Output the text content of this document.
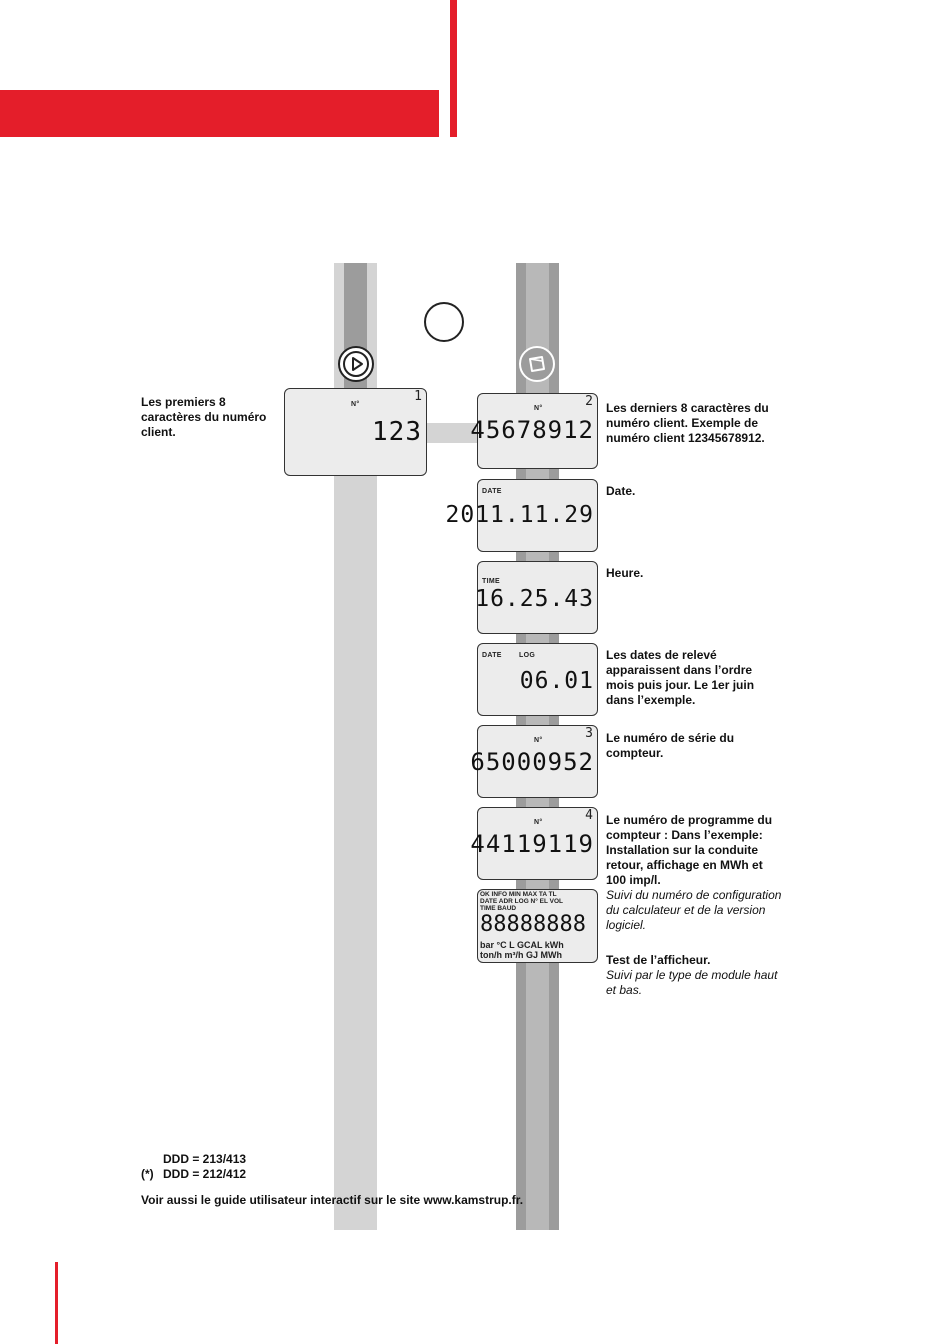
Les premiers 8 caractères du numéro client.
N°
1
123
N°	2
45678912
Les derniers 8 caractères du numéro client. Exemple de numéro client 12345678912.
DATE
2011.11.29
Date.
TIME
16.25.43
Heure.
DATE LOG
06.01
Les dates de relevé apparaissent dans l’ordre mois puis jour. Le 1er juin dans l’exemple.
N°	3
65000952
Le numéro de série du compteur.
N°	4
44119119
Le numéro de programme du compteur : Dans l’exemple: Installation sur la conduite retour, affichage en MWh et 100 imp/l.
Suivi du numéro de configuration du calculateur et de la version logiciel.
OK INFO MIN MAX TA TL
DATE ADR LOG N° EL VOL
TIME BAUD
88888888
bar °C L GCAL kWh
ton/h m³/h GJ MWh	Test de l’afficheur.
Suivi par le type de module haut et bas.
DDD = 213/413
(*) DDD = 212/412
Voir aussi le guide utilisateur interactif sur le site www.kamstrup.fr.
